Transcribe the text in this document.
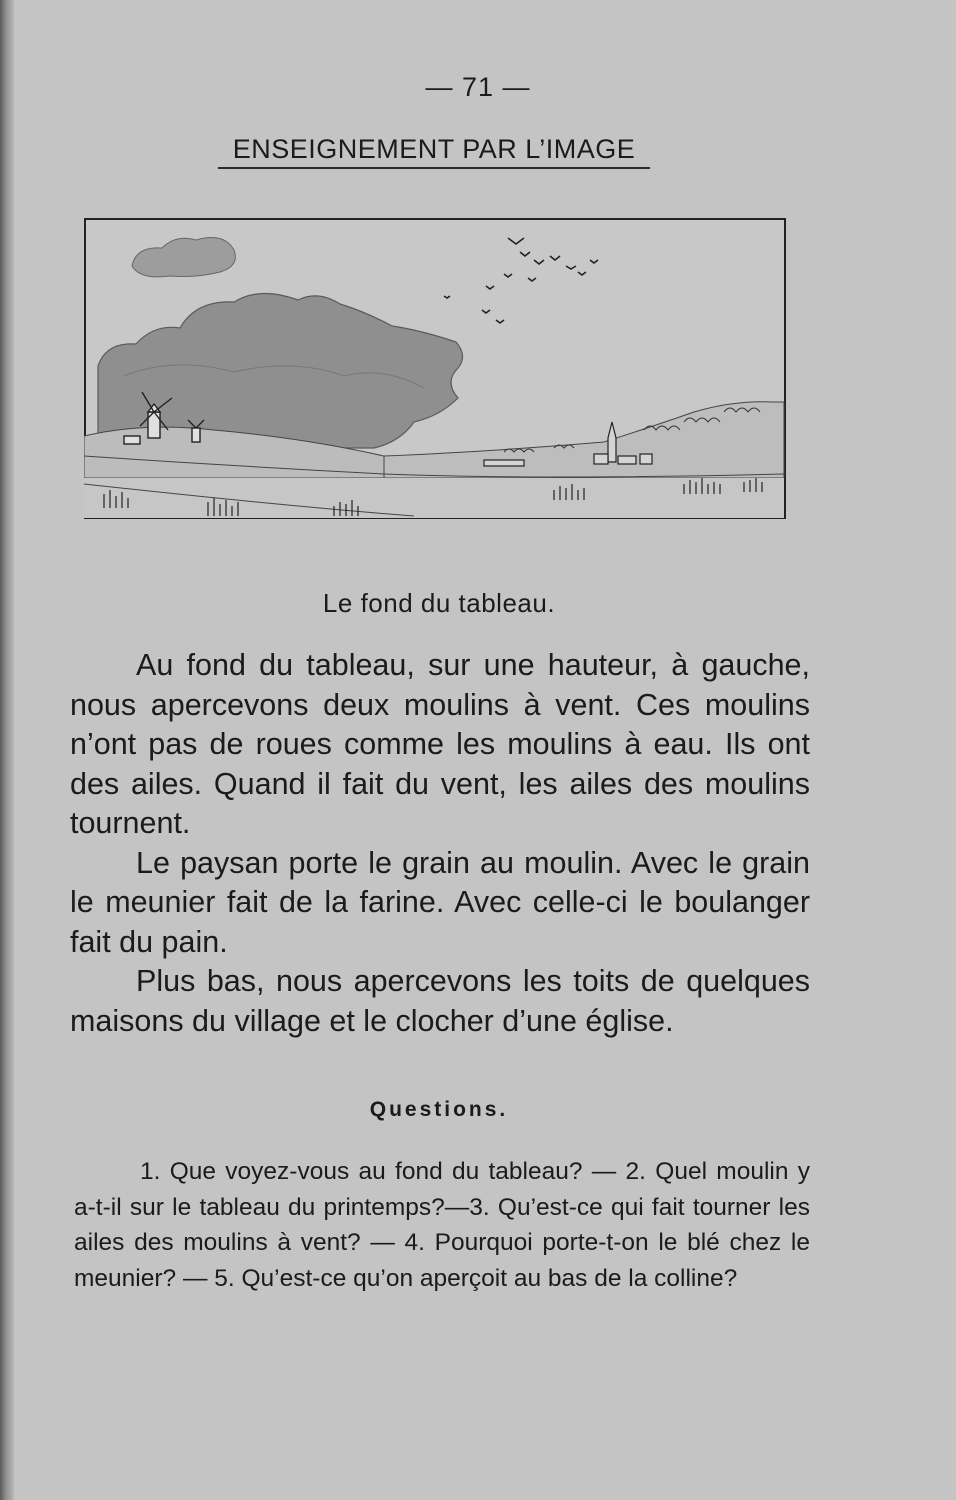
— 71 —
ENSEIGNEMENT PAR L’IMAGE
Le fond du tableau.

Au fond du tableau, sur une hauteur, à gauche, nous apercevons deux moulins à vent. Ces moulins n’ont pas de roues comme les moulins à eau. Ils ont des ailes. Quand il fait du vent, les ailes des moulins tournent.

Le paysan porte le grain au moulin. Avec le grain le meunier fait de la farine. Avec celle-ci le boulanger fait du pain.

Plus bas, nous apercevons les toits de quelques maisons du village et le clocher d’une église.

Questions.

1. Que voyez-vous au fond du tableau? — 2. Quel moulin y a-t-il sur le tableau du printemps?—3. Qu’est-ce qui fait tourner les ailes des moulins à vent? — 4. Pourquoi porte-t-on le blé chez le meunier? — 5. Qu’est-ce qu’on aperçoit au bas de la colline?
